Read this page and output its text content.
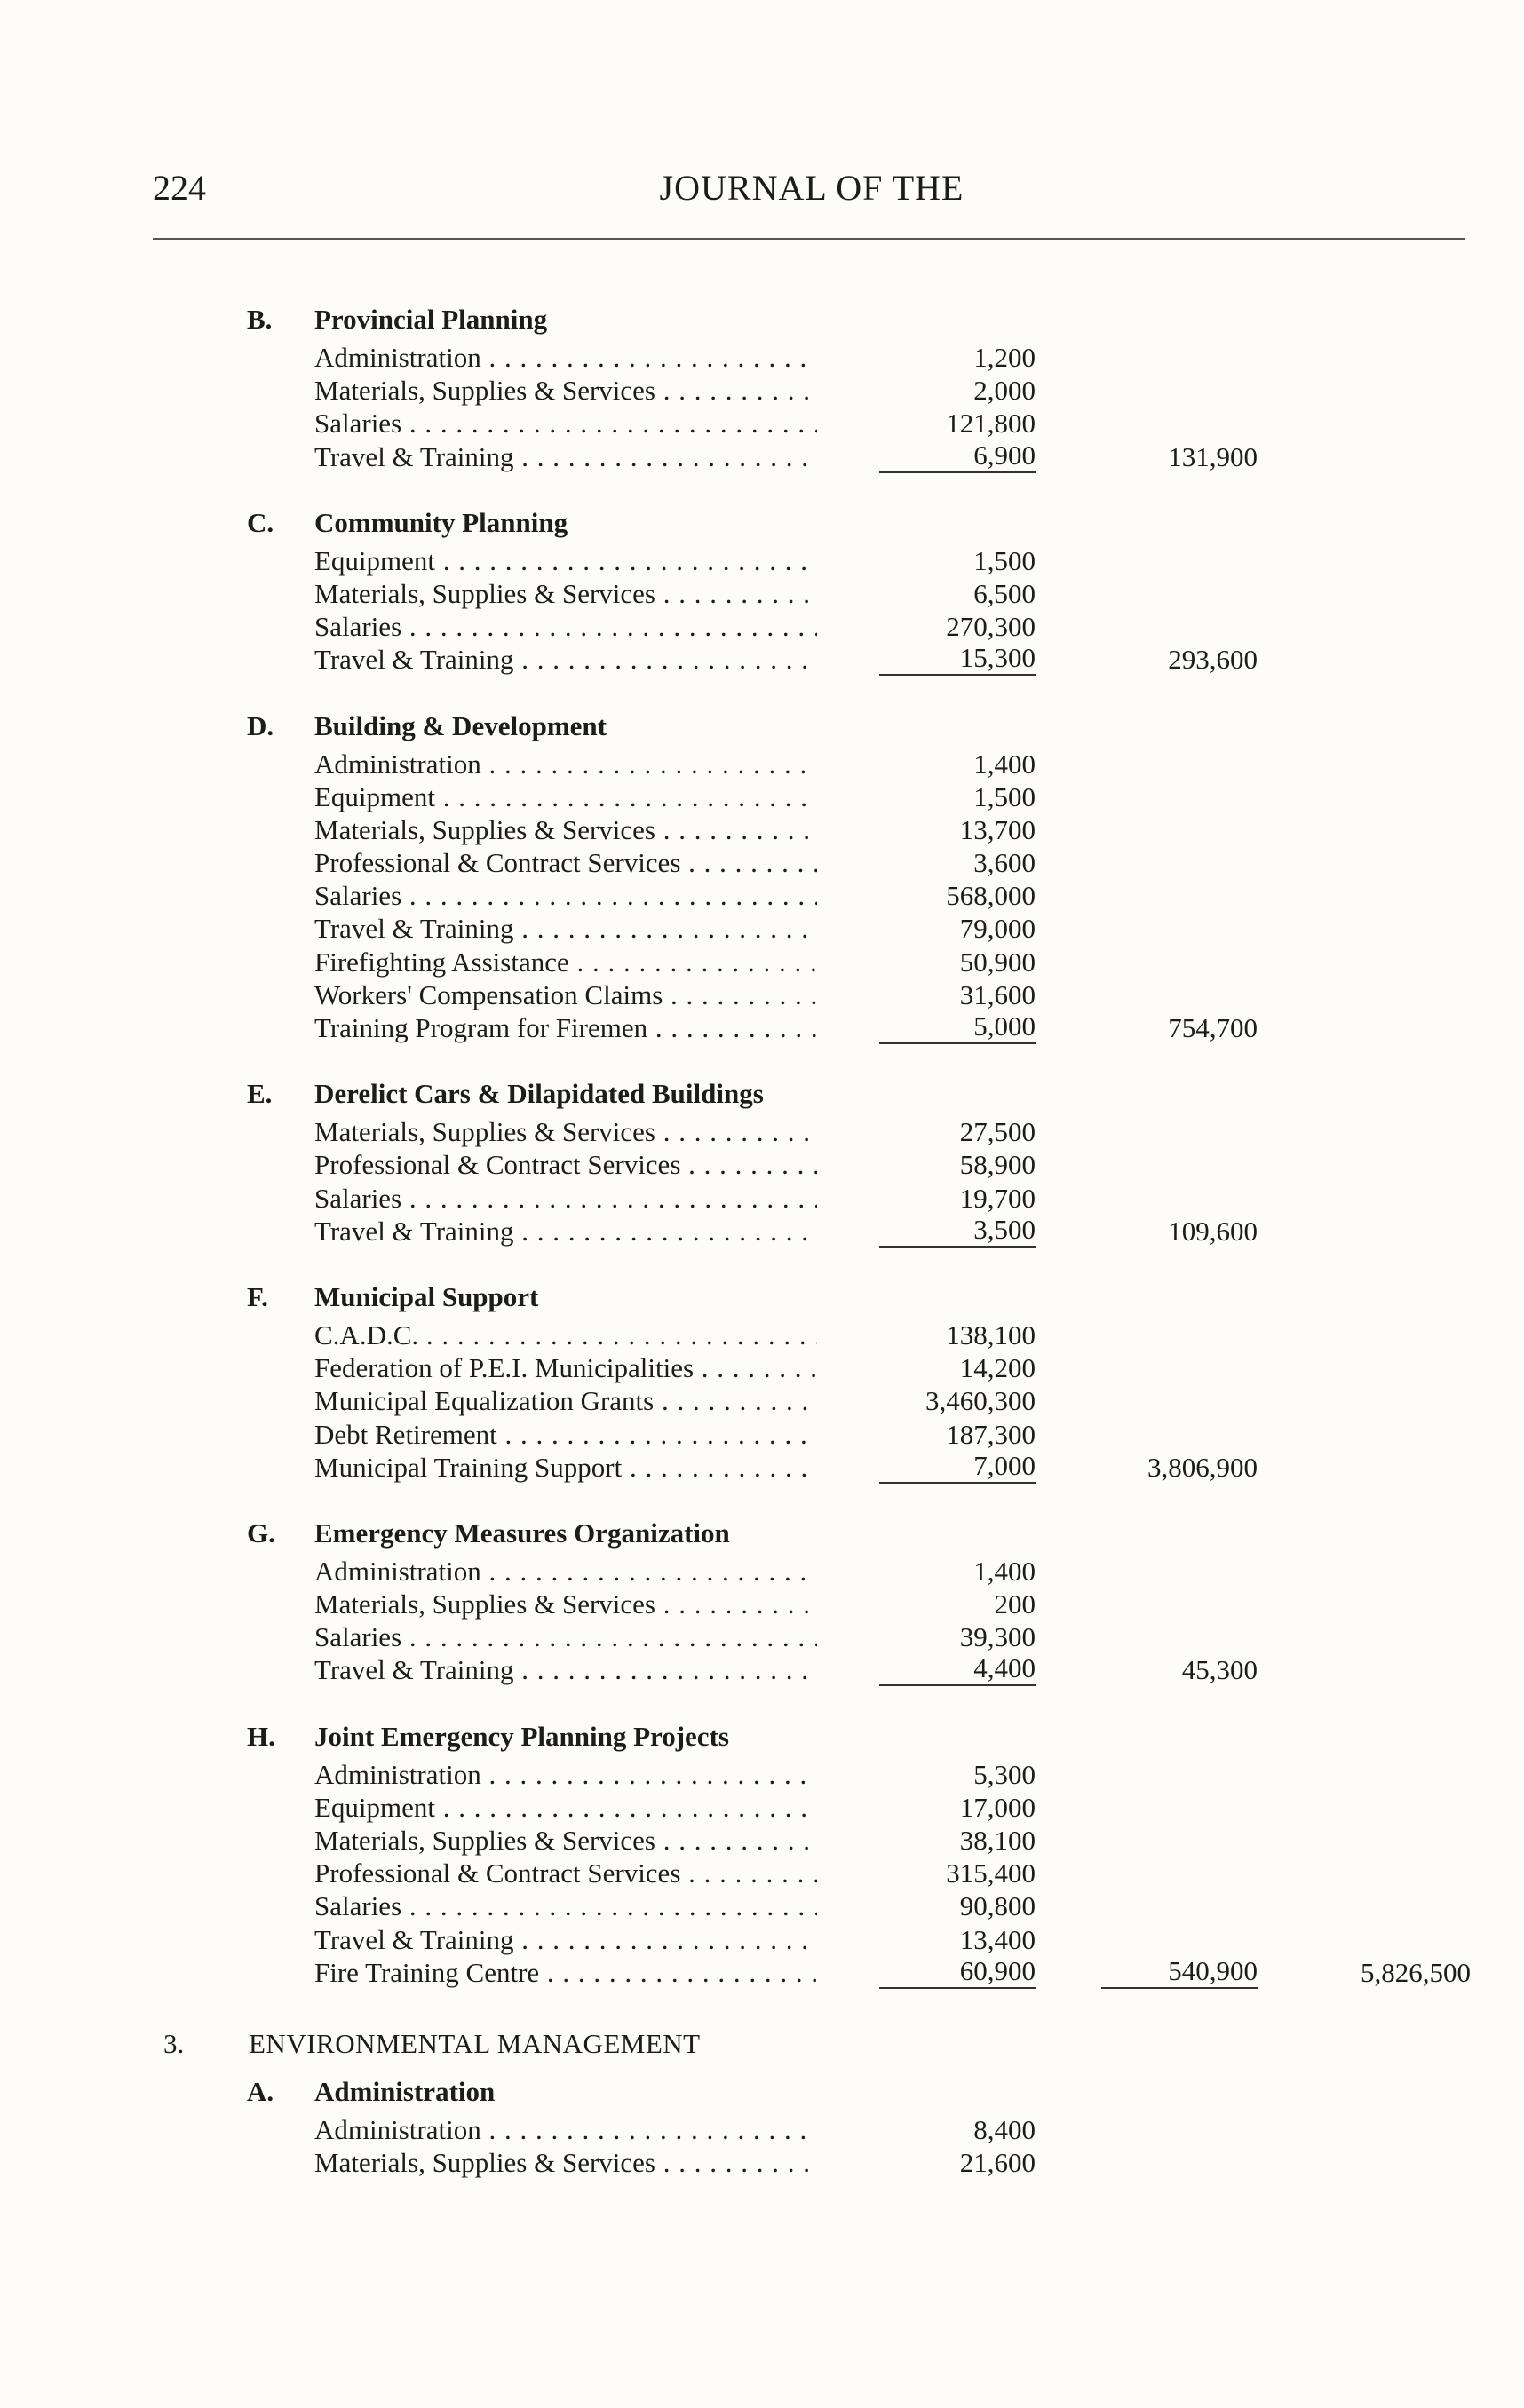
224	JOURNAL OF THE
B. Provincial Planning
Administration . . .	1,200
Materials, Supplies & Services . . .	2,000
Salaries . . .	121,800
Travel & Training . . .	6,900	131,900
C. Community Planning
Equipment . . .	1,500
Materials, Supplies & Services . . .	6,500
Salaries . . .	270,300
Travel & Training . . .	15,300	293,600
D. Building & Development
Administration . . .	1,400
Equipment . . .	1,500
Materials, Supplies & Services . . .	13,700
Professional & Contract Services . . .	3,600
Salaries . . .	568,000
Travel & Training . . .	79,000
Firefighting Assistance . . .	50,900
Workers' Compensation Claims . . .	31,600
Training Program for Firemen . . .	5,000	754,700
E. Derelict Cars & Dilapidated Buildings
Materials, Supplies & Services . . .	27,500
Professional & Contract Services . . .	58,900
Salaries . . .	19,700
Travel & Training . . .	3,500	109,600
F. Municipal Support
C.A.D.C. . . .	138,100
Federation of P.E.I. Municipalities . . .	14,200
Municipal Equalization Grants . . .	3,460,300
Debt Retirement . . .	187,300
Municipal Training Support . . .	7,000	3,806,900
G. Emergency Measures Organization
Administration . . .	1,400
Materials, Supplies & Services . . .	200
Salaries . . .	39,300
Travel & Training . . .	4,400	45,300
H. Joint Emergency Planning Projects
Administration . . .	5,300
Equipment . . .	17,000
Materials, Supplies & Services . . .	38,100
Professional & Contract Services . . .	315,400
Salaries . . .	90,800
Travel & Training . . .	13,400
Fire Training Centre . . .	60,900	540,900	5,826,500
3. ENVIRONMENTAL MANAGEMENT
A. Administration
Administration . . .	8,400
Materials, Supplies & Services . . .	21,600
